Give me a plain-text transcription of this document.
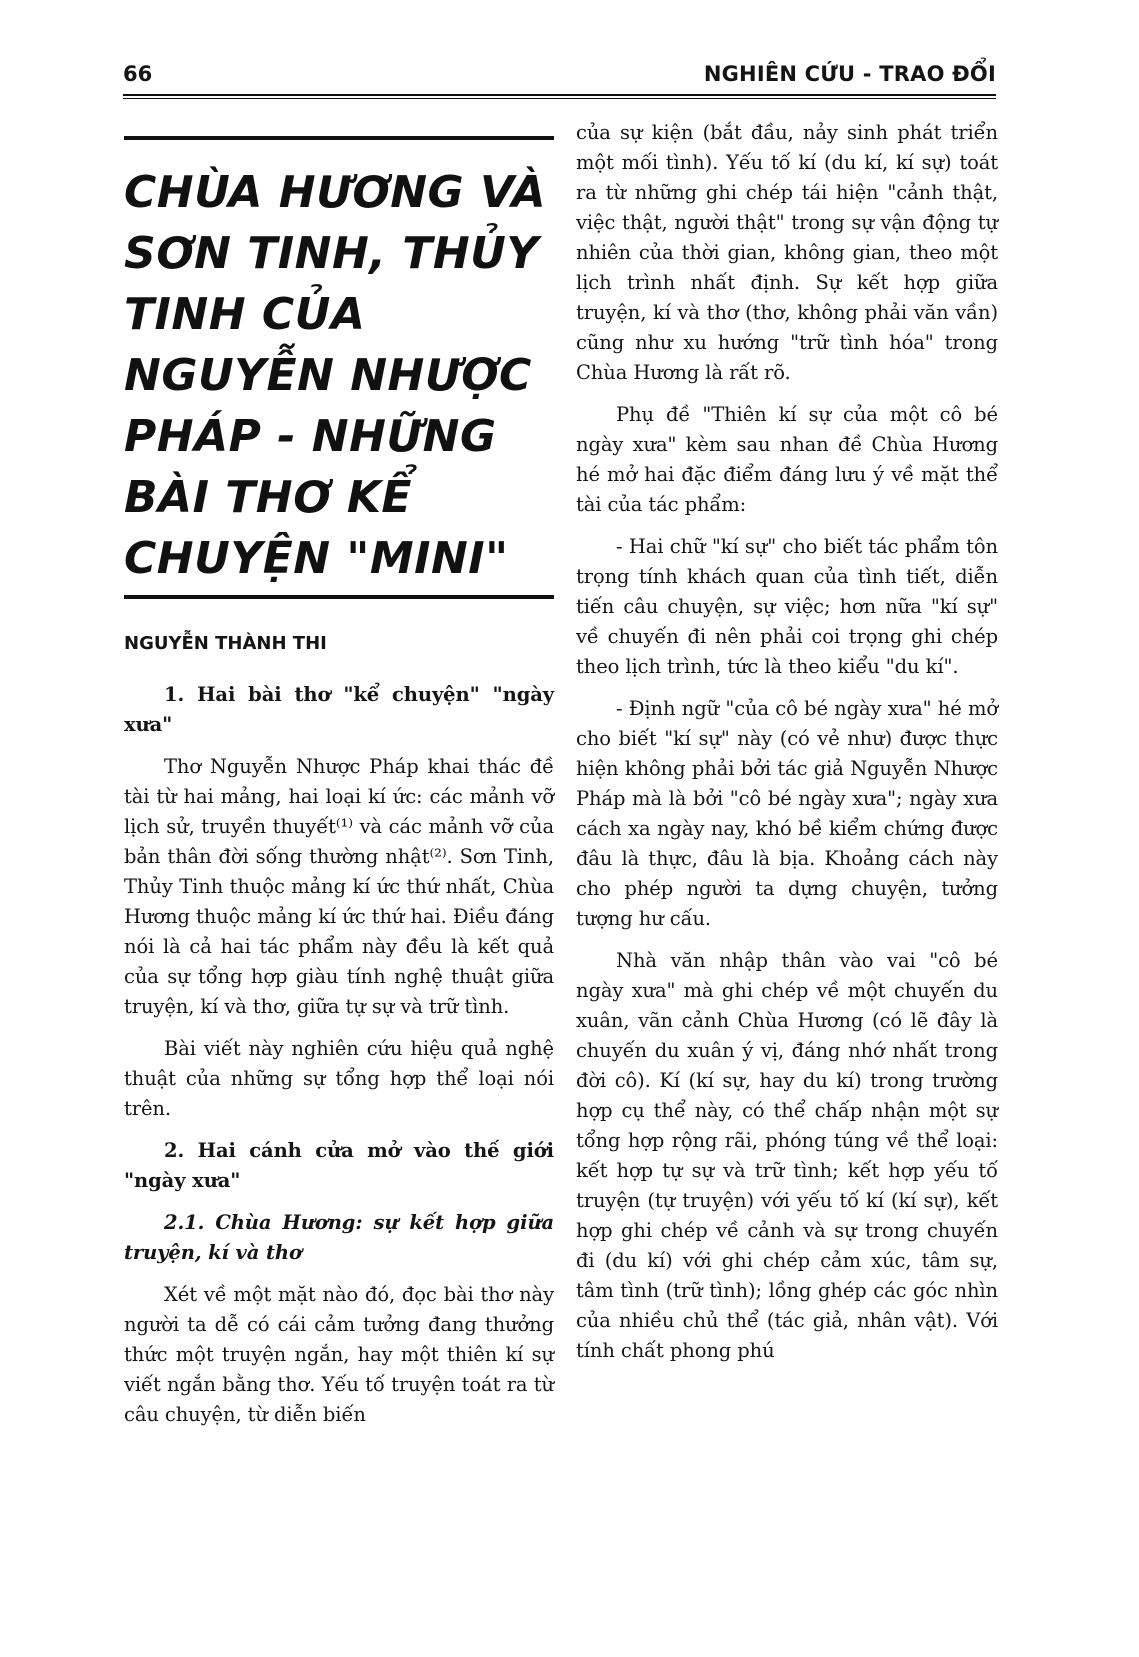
66	NGHIÊN CỨU - TRAO ĐỔI
CHÙA HƯƠNG VÀ SƠN TINH, THỦY TINH CỦA NGUYỄN NHƯỢC PHÁP - NHỮNG BÀI THƠ KỂ CHUYỆN "MINI"
NGUYỄN THÀNH THI

1. Hai bài thơ "kể chuyện" "ngày xưa"

Thơ Nguyễn Nhược Pháp khai thác đề tài từ hai mảng, hai loại kí ức: các mảnh vỡ lịch sử, truyền thuyết⁽¹⁾ và các mảnh vỡ của bản thân đời sống thường nhật⁽²⁾. Sơn Tinh, Thủy Tinh thuộc mảng kí ức thứ nhất, Chùa Hương thuộc mảng kí ức thứ hai. Điều đáng nói là cả hai tác phẩm này đều là kết quả của sự tổng hợp giàu tính nghệ thuật giữa truyện, kí và thơ, giữa tự sự và trữ tình.

Bài viết này nghiên cứu hiệu quả nghệ thuật của những sự tổng hợp thể loại nói trên.

2. Hai cánh cửa mở vào thế giới "ngày xưa"

2.1. Chùa Hương: sự kết hợp giữa truyện, kí và thơ

Xét về một mặt nào đó, đọc bài thơ này người ta dễ có cái cảm tưởng đang thưởng thức một truyện ngắn, hay một thiên kí sự viết ngắn bằng thơ. Yếu tố truyện toát ra từ câu chuyện, từ diễn biến

của sự kiện (bắt đầu, nảy sinh phát triển một mối tình). Yếu tố kí (du kí, kí sự) toát ra từ những ghi chép tái hiện "cảnh thật, việc thật, người thật" trong sự vận động tự nhiên của thời gian, không gian, theo một lịch trình nhất định. Sự kết hợp giữa truyện, kí và thơ (thơ, không phải văn vần) cũng như xu hướng "trữ tình hóa" trong Chùa Hương là rất rõ.

Phụ đề "Thiên kí sự của một cô bé ngày xưa" kèm sau nhan đề Chùa Hương hé mở hai đặc điểm đáng lưu ý về mặt thể tài của tác phẩm:

- Hai chữ "kí sự" cho biết tác phẩm tôn trọng tính khách quan của tình tiết, diễn tiến câu chuyện, sự việc; hơn nữa "kí sự" về chuyến đi nên phải coi trọng ghi chép theo lịch trình, tức là theo kiểu "du kí".

- Định ngữ "của cô bé ngày xưa" hé mở cho biết "kí sự" này (có vẻ như) được thực hiện không phải bởi tác giả Nguyễn Nhược Pháp mà là bởi "cô bé ngày xưa"; ngày xưa cách xa ngày nay, khó bề kiểm chứng được đâu là thực, đâu là bịa. Khoảng cách này cho phép người ta dựng chuyện, tưởng tượng hư cấu.

Nhà văn nhập thân vào vai "cô bé ngày xưa" mà ghi chép về một chuyến du xuân, vãn cảnh Chùa Hương (có lẽ đây là chuyến du xuân ý vị, đáng nhớ nhất trong đời cô). Kí (kí sự, hay du kí) trong trường hợp cụ thể này, có thể chấp nhận một sự tổng hợp rộng rãi, phóng túng về thể loại: kết hợp tự sự và trữ tình; kết hợp yếu tố truyện (tự truyện) với yếu tố kí (kí sự), kết hợp ghi chép về cảnh và sự trong chuyến đi (du kí) với ghi chép cảm xúc, tâm sự, tâm tình (trữ tình); lồng ghép các góc nhìn của nhiều chủ thể (tác giả, nhân vật). Với tính chất phong phú
